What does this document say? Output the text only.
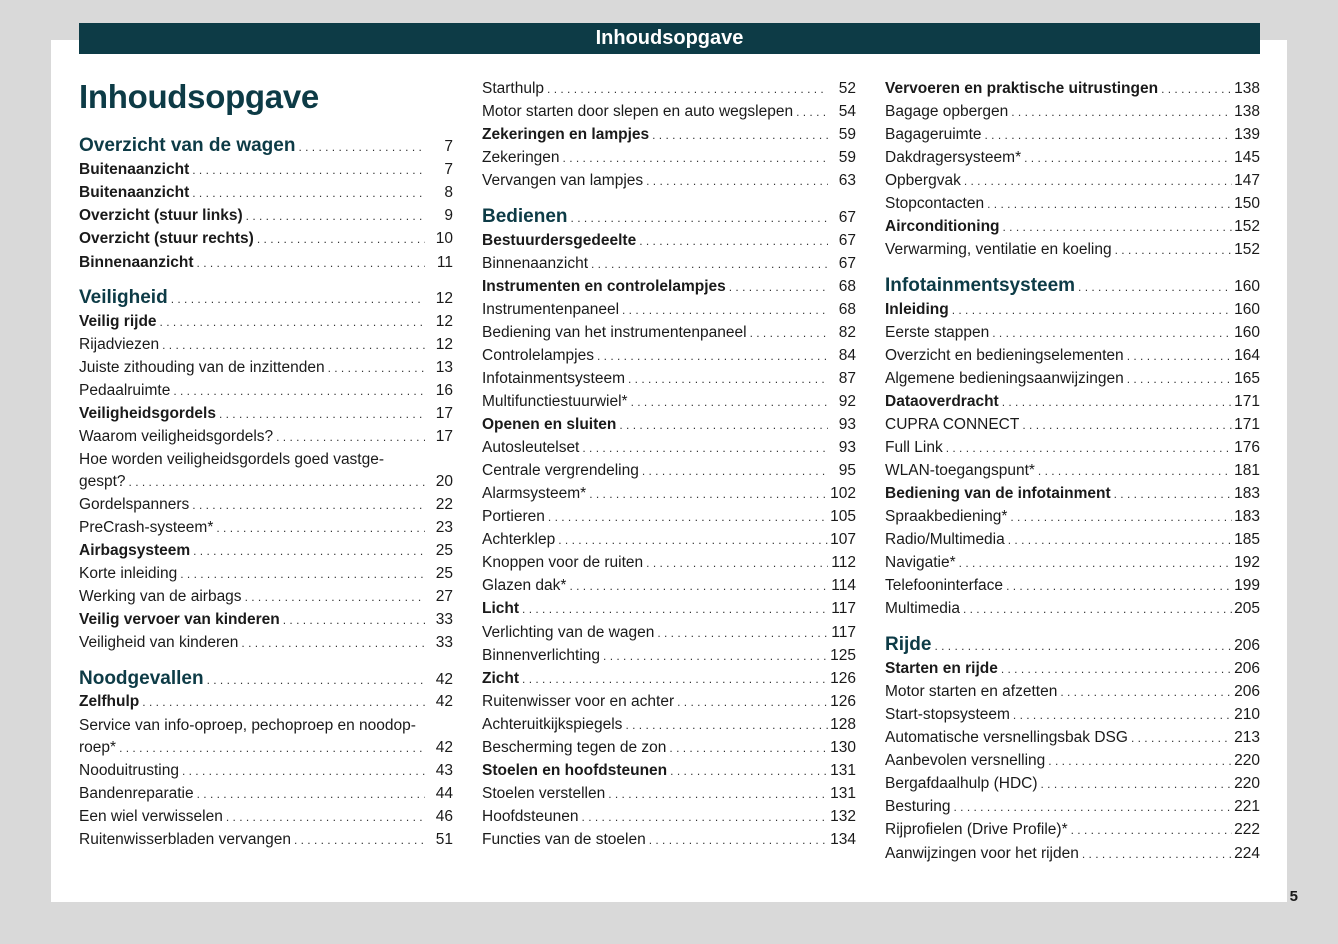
Inhoudsopgave
Inhoudsopgave
Overzicht van de wagen . . .	7
Buitenaanzicht . . .	7
Buitenaanzicht . . .	8
Overzicht (stuur links) . . .	9
Overzicht (stuur rechts) . . .	10
Binnenaanzicht . . .	11
Veiligheid . . .	12
Veilig rijde . . .	12
Rijadviezen . . .	12
Juiste zithouding van de inzittenden . . .	13
Pedaalruimte . . .	16
Veiligheidsgordels . . .	17
Waarom veiligheidsgordels? . . .	17
Hoe worden veiligheidsgordels goed vastge-
gespt? . . .	20
Gordelspanners . . .	22
PreCrash-systeem* . . .	23
Airbagsysteem . . .	25
Korte inleiding . . .	25
Werking van de airbags . . .	27
Veilig vervoer van kinderen . . .	33
Veiligheid van kinderen . . .	33
Noodgevallen . . .	42
Zelfhulp . . .	42
Service van info-oproep, pechoproep en noodop-
roep* . . .	42
Nooduitrusting . . .	43
Bandenreparatie . . .	44
Een wiel verwisselen . . .	46
Ruitenwisserbladen vervangen . . .	51
Starthulp . . .	52
Motor starten door slepen en auto wegslepen . . .	54
Zekeringen en lampjes . . .	59
Zekeringen . . .	59
Vervangen van lampjes . . .	63
Bedienen . . .	67
Bestuurdersgedeelte . . .	67
Binnenaanzicht . . .	67
Instrumenten en controlelampjes . . .	68
Instrumentenpaneel . . .	68
Bediening van het instrumentenpaneel . . .	82
Controlelampjes . . .	84
Infotainmentsysteem . . .	87
Multifunctiestuurwiel* . . .	92
Openen en sluiten . . .	93
Autosleutelset . . .	93
Centrale vergrendeling . . .	95
Alarmsysteem* . . .	102
Portieren . . .	105
Achterklep . . .	107
Knoppen voor de ruiten . . .	112
Glazen dak* . . .	114
Licht . . .	117
Verlichting van de wagen . . .	117
Binnenverlichting . . .	125
Zicht . . .	126
Ruitenwisser voor en achter . . .	126
Achteruitkijkspiegels . . .	128
Bescherming tegen de zon . . .	130
Stoelen en hoofdsteunen . . .	131
Stoelen verstellen . . .	131
Hoofdsteunen . . .	132
Functies van de stoelen . . .	134
Vervoeren en praktische uitrustingen . . .	138
Bagage opbergen . . .	138
Bagageruimte . . .	139
Dakdragersysteem* . . .	145
Opbergvak . . .	147
Stopcontacten . . .	150
Airconditioning . . .	152
Verwarming, ventilatie en koeling . . .	152
Infotainmentsysteem . . .	160
Inleiding . . .	160
Eerste stappen . . .	160
Overzicht en bedieningselementen . . .	164
Algemene bedieningsaanwijzingen . . .	165
Dataoverdracht . . .	171
CUPRA CONNECT . . .	171
Full Link . . .	176
WLAN-toegangspunt* . . .	181
Bediening van de infotainment . . .	183
Spraakbediening* . . .	183
Radio/Multimedia . . .	185
Navigatie* . . .	192
Telefooninterface . . .	199
Multimedia . . .	205
Rijde . . .	206
Starten en rijde . . .	206
Motor starten en afzetten . . .	206
Start-stopsysteem . . .	210
Automatische versnellingsbak DSG . . .	213
Aanbevolen versnelling . . .	220
Bergafdaalhulp (HDC) . . .	220
Besturing . . .	221
Rijprofielen (Drive Profile)* . . .	222
Aanwijzingen voor het rijden . . .	224
5
